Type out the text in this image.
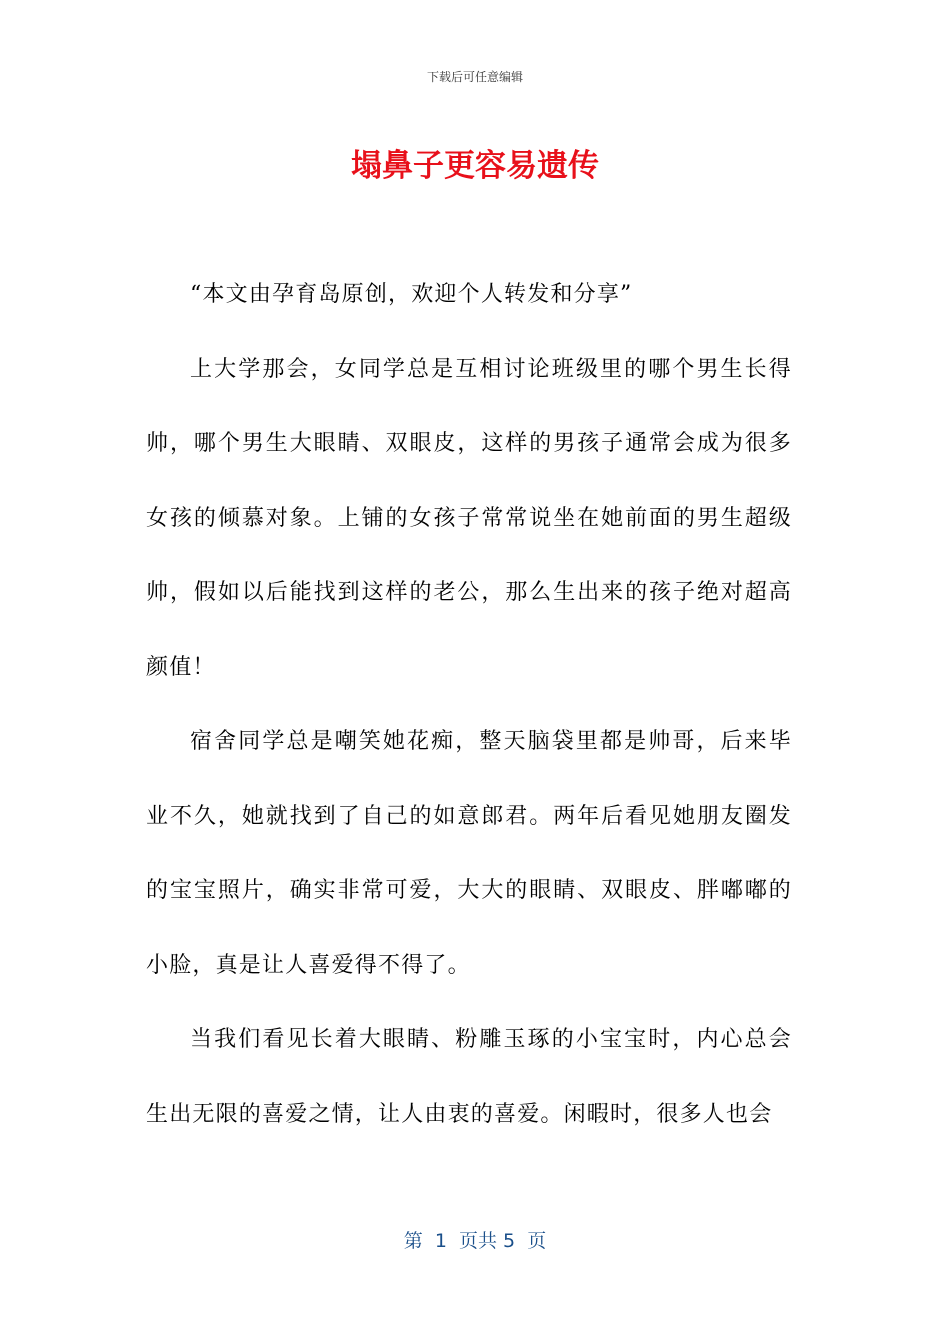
下载后可任意编辑
塌鼻子更容易遗传

“本文由孕育岛原创，欢迎个人转发和分享”

上大学那会，女同学总是互相讨论班级里的哪个男生长得帅，哪个男生大眼睛、双眼皮，这样的男孩子通常会成为很多女孩的倾慕对象。上铺的女孩子常常说坐在她前面的男生超级帅，假如以后能找到这样的老公，那么生出来的孩子绝对超高颜值！

宿舍同学总是嘲笑她花痴，整天脑袋里都是帅哥，后来毕业不久，她就找到了自己的如意郎君。两年后看见她朋友圈发的宝宝照片，确实非常可爱，大大的眼睛、双眼皮、胖嘟嘟的小脸，真是让人喜爱得不得了。

当我们看见长着大眼睛、粉雕玉琢的小宝宝时，内心总会生出无限的喜爱之情，让人由衷的喜爱。闲暇时，很多人也会

第  1  页共 5  页
